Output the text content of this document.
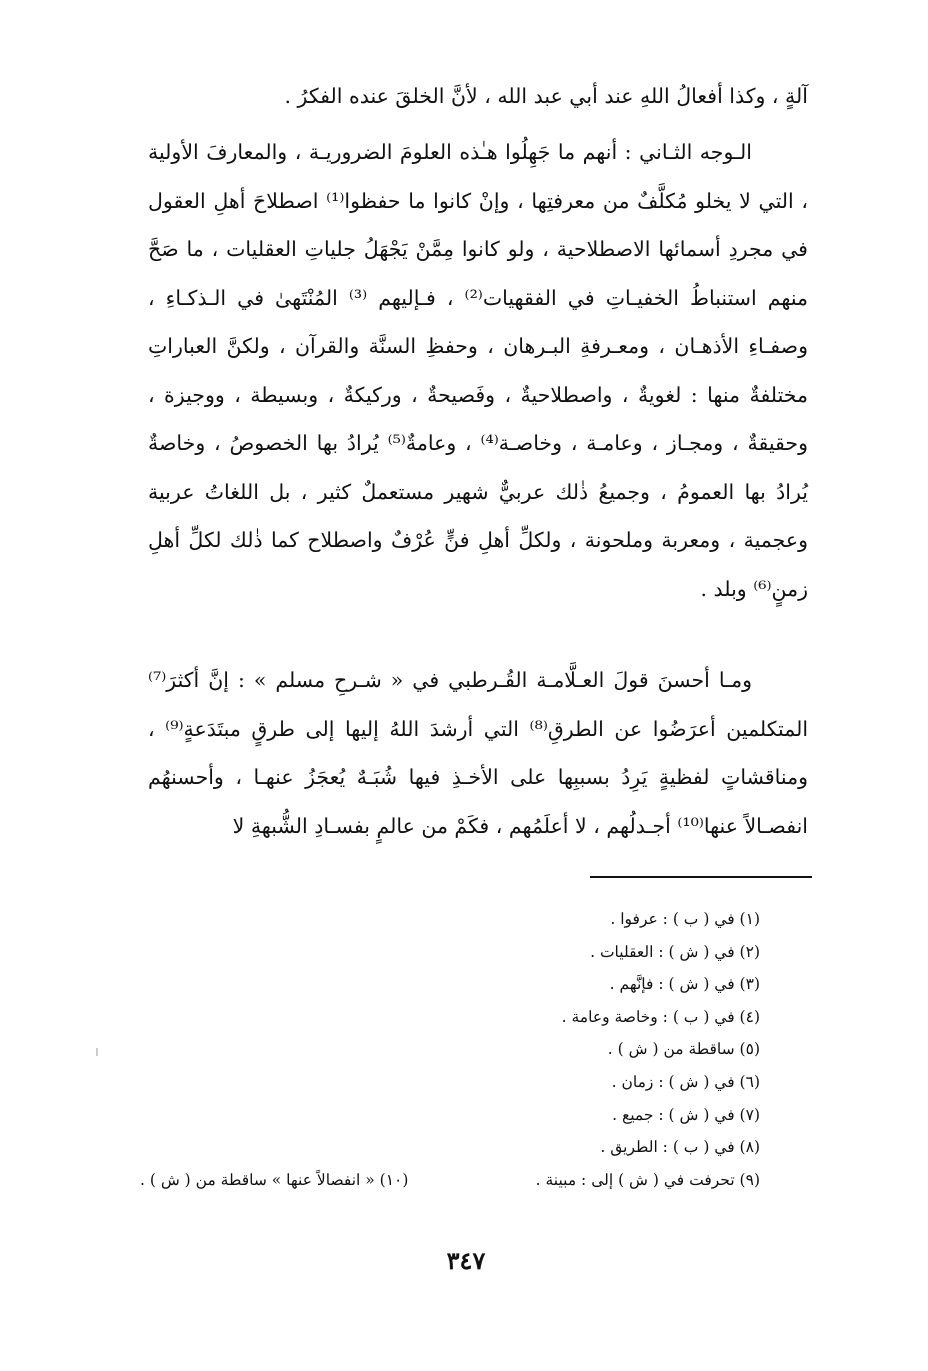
آلةٍ ، وكذا أفعالُ اللهِ عند أبي عبد الله ، لأنَّ الخلقَ عنده الفكرُ .

الـوجه الثـاني : أنهم ما جَهِلُوا هـٰذه العلومَ الضروريـة ، والمعارفَ الأولية ، التي لا يخلو مُكلَّفٌ من معرفتِها ، وإنْ كانوا ما حفظوا⁽¹⁾ اصطلاحَ أهلِ العقول في مجردِ أسمائها الاصطلاحية ، ولو كانوا مِمَّنْ يَجْهَلُ جلياتِ العقليات ، ما صَحَّ منهم استنباطُ الخفيـاتِ في الفقهيات⁽²⁾ ، فـإليهم ⁽³⁾ المُنْتَهىٰ في الـذكـاءِ ، وصفـاءِ الأذهـان ، ومعـرفةِ البـرهان ، وحفظِ السنَّة والقرآن ، ولكنَّ العباراتِ مختلفةٌ منها : لغويةٌ ، واصطلاحيةٌ ، وفَصيحةٌ ، وركيكةٌ ، وبسيطة ، ووجيزة ، وحقيقةٌ ، ومجـاز ، وعامـة ، وخاصـة⁽⁴⁾ ، وعامةٌ⁽⁵⁾ يُرادُ بها الخصوصُ ، وخاصةٌ يُرادُ بها العمومُ ، وجميعُ ذٰلك عربيٌّ شهير مستعملٌ كثير ، بل اللغاتُ عربية وعجمية ، ومعربة وملحونة ، ولكلِّ أهلِ فنٍّ عُرْفٌ واصطلاح كما ذٰلك لكلِّ أهلِ زمنٍ⁽⁶⁾ وبلد .

ومـا أحسنَ قولَ العـلَّامـة القُـرطبي في « شـرحِ مسلم » : إنَّ أكثرَ⁽⁷⁾ المتكلمين أعرَضُوا عن الطرقِ⁽⁸⁾ التي أرشدَ اللهُ إليها إلى طرقٍ مبتَدَعةٍ⁽⁹⁾ ، ومناقشاتٍ لفظيةٍ يَرِدُ بسببِها على الأخـذِ فيها شُبَـهٌ يُعجَزُ عنهـا ، وأحسنهُم انفصـالاً عنها⁽¹⁰⁾ أجـدلُهم ، لا أعلَمُهم ، فكَمْ من عالمٍ بفسـادِ الشُّبهةِ لا

(١) في ( ب ) : عرفوا .

(٢) في ( ش ) : العقليات .

(٣) في ( ش ) : فإنَّهم .

(٤) في ( ب ) : وخاصة وعامة .

(٥) ساقطة من ( ش ) .

(٦) في ( ش ) : زمان .

(٧) في ( ش ) : جميع .

(٨) في ( ب ) : الطريق .

(٩) تحرفت في ( ش ) إلى : مبينة .
(١٠) « انفصالاً عنها » ساقطة من ( ش ) .
٣٤٧
